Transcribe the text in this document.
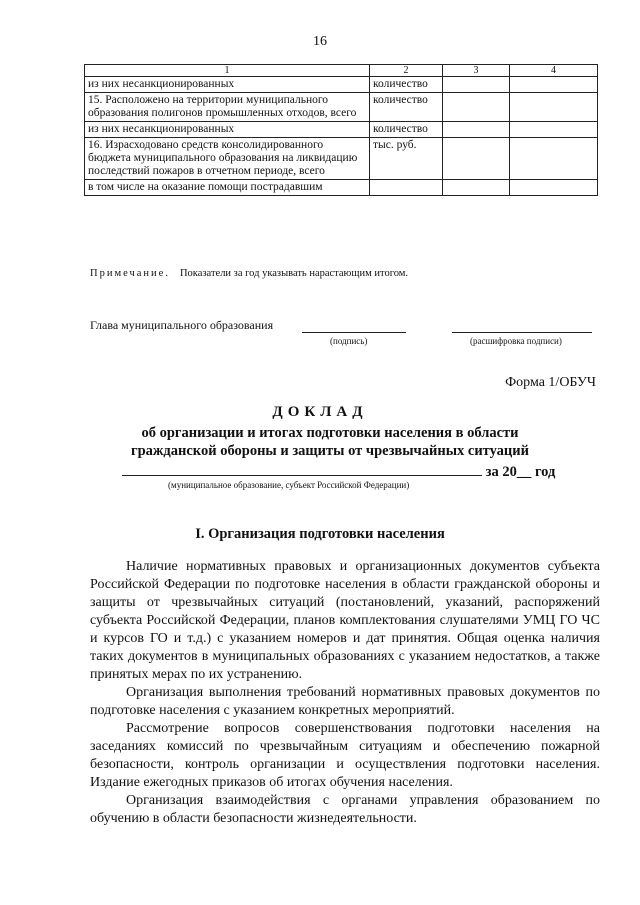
16
1	2	3	4
из них несанкционированных	количество		
15. Расположено на территории муниципального образования полигонов промышленных отходов, всего	количество		
из них несанкционированных	количество		
16. Израсходовано средств консолидированного бюджета муниципального образования на ликвидацию последствий пожаров в отчетном периоде, всего	тыс. руб.		
в том числе на оказание помощи пострадавшим			
Примечание. Показатели за год указывать нарастающим итогом.
Глава муниципального образования
(подпись)	(расшифровка подписи)
Форма 1/ОБУЧ
ДОКЛАД
об организации и итогах подготовки населения в области
гражданской обороны и защиты от чрезвычайных ситуаций
за 20__ год
(муниципальное образование, субъект Российской Федерации)
I. Организация подготовки населения

Наличие нормативных правовых и организационных документов субъекта Российской Федерации по подготовке населения в области гражданской обороны и защиты от чрезвычайных ситуаций (постановлений, указаний, распоряжений субъекта Российской Федерации, планов комплектования слушателями УМЦ ГО ЧС и курсов ГО и т.д.) с указанием номеров и дат принятия. Общая оценка наличия таких документов в муниципальных образованиях с указанием недостатков, а также принятых мерах по их устранению.

Организация выполнения требований нормативных правовых документов по подготовке населения с указанием конкретных мероприятий.

Рассмотрение вопросов совершенствования подготовки населения на заседаниях комиссий по чрезвычайным ситуациям и обеспечению пожарной безопасности, контроль организации и осуществления подготовки населения. Издание ежегодных приказов об итогах обучения населения.

Организация взаимодействия с органами управления образованием по обучению в области безопасности жизнедеятельности.
